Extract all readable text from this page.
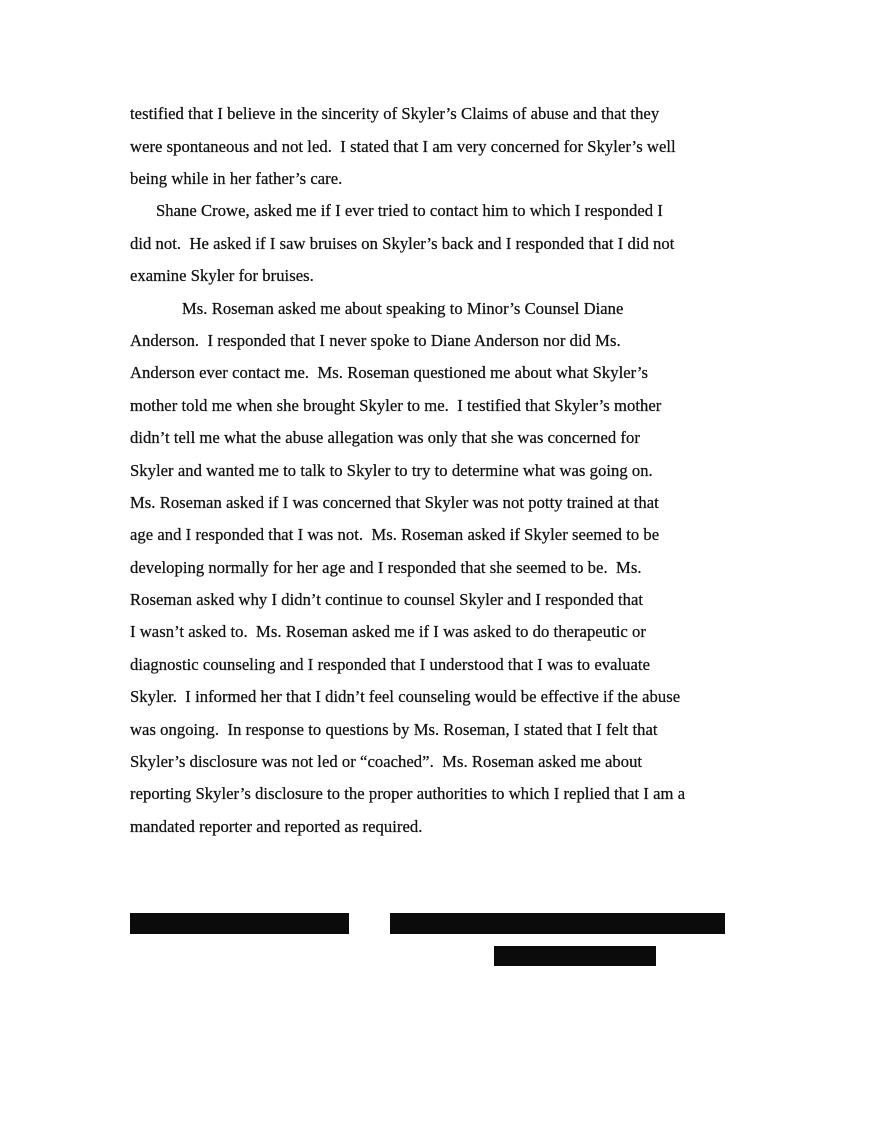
testified that I believe in the sincerity of Skyler’s Claims of abuse and that they
were spontaneous and not led.  I stated that I am very concerned for Skyler’s well
being while in her father’s care.
Shane Crowe, asked me if I ever tried to contact him to which I responded I
did not.  He asked if I saw bruises on Skyler’s back and I responded that I did not
examine Skyler for bruises.
Ms. Roseman asked me about speaking to Minor’s Counsel Diane
Anderson.  I responded that I never spoke to Diane Anderson nor did Ms.
Anderson ever contact me.  Ms. Roseman questioned me about what Skyler’s
mother told me when she brought Skyler to me.  I testified that Skyler’s mother
didn’t tell me what the abuse allegation was only that she was concerned for
Skyler and wanted me to talk to Skyler to try to determine what was going on.
Ms. Roseman asked if I was concerned that Skyler was not potty trained at that
age and I responded that I was not.  Ms. Roseman asked if Skyler seemed to be
developing normally for her age and I responded that she seemed to be.  Ms.
Roseman asked why I didn’t continue to counsel Skyler and I responded that
I wasn’t asked to.  Ms. Roseman asked me if I was asked to do therapeutic or
diagnostic counseling and I responded that I understood that I was to evaluate
Skyler.  I informed her that I didn’t feel counseling would be effective if the abuse
was ongoing.  In response to questions by Ms. Roseman, I stated that I felt that
Skyler’s disclosure was not led or “coached”.  Ms. Roseman asked me about
reporting Skyler’s disclosure to the proper authorities to which I replied that I am a
mandated reporter and reported as required.
